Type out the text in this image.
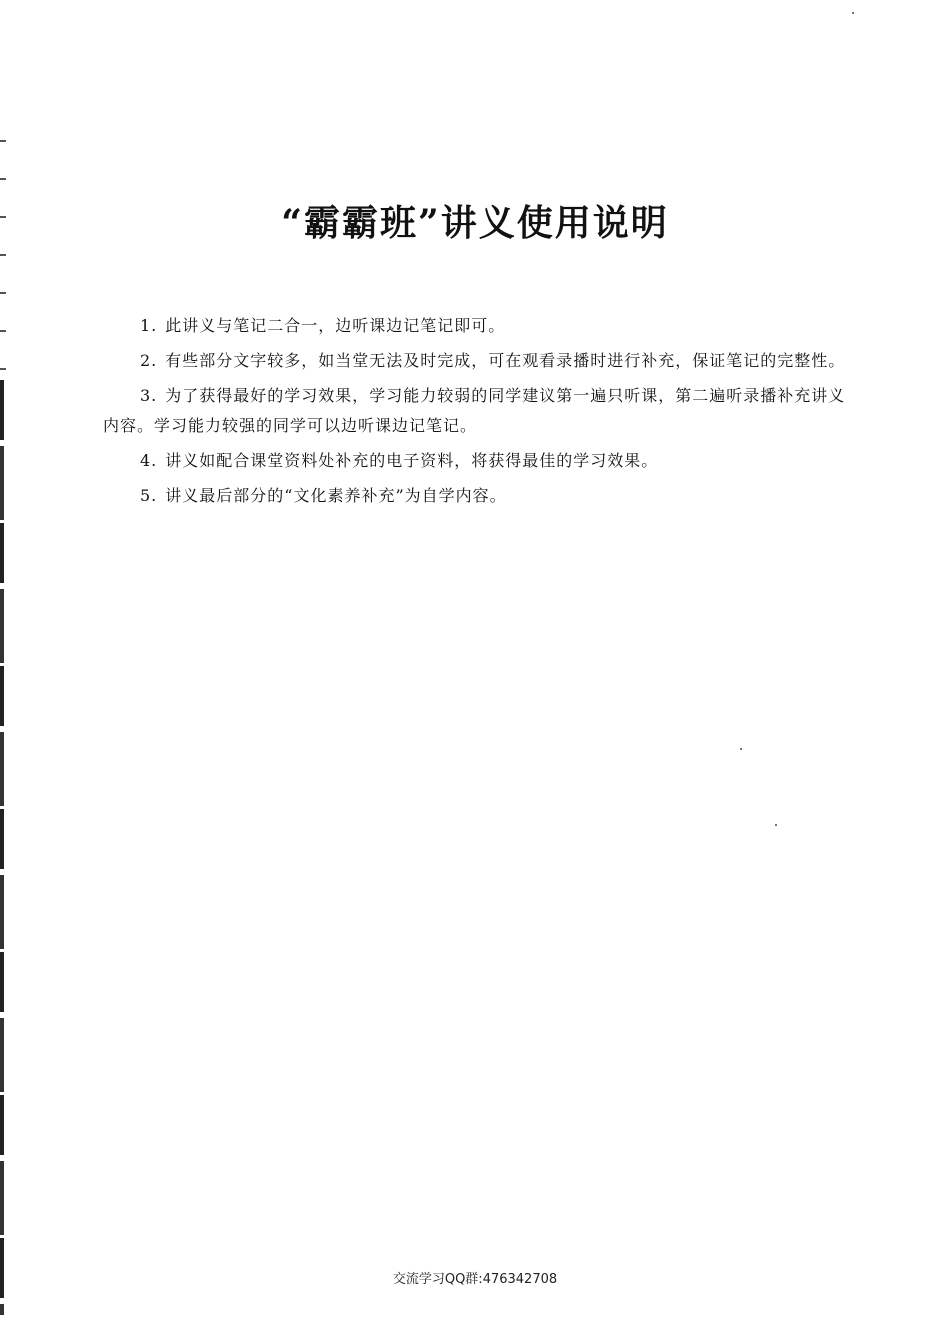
“霸霸班”讲义使用说明
1. 此讲义与笔记二合一，边听课边记笔记即可。
2. 有些部分文字较多，如当堂无法及时完成，可在观看录播时进行补充，保证笔记的完整性。
3. 为了获得最好的学习效果，学习能力较弱的同学建议第一遍只听课，第二遍听录播补充讲义内容。学习能力较强的同学可以边听课边记笔记。
4. 讲义如配合课堂资料处补充的电子资料，将获得最佳的学习效果。
5. 讲义最后部分的“文化素养补充”为自学内容。
交流学习QQ群:476342708
